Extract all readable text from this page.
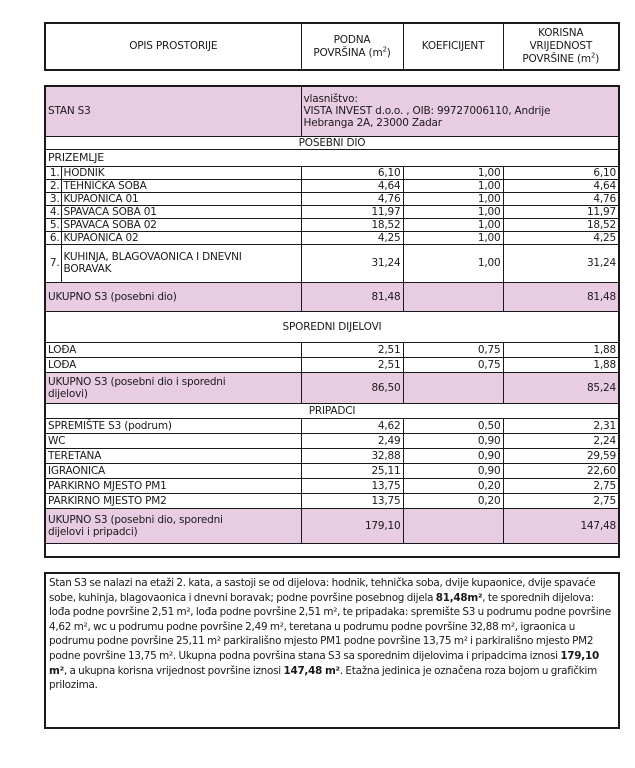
OPIS PROSTORIJE	PODNA
POVRŠINA $(m^2)$	KOEFICIJENT	KORISNA
VRIJEDNOST
POVRŠINE $(m^2)$
STAN S3		vlasništvo:
VISTA INVEST d.o.o. , OIB: 99727006110, Andrije
Hebranga 2A, 23000 Zadar		
POSEBNI DIO				
PRIZEMLJE				
1.	HODNIK	6,10	1,00	6,10
2.	TEHNIČKA SOBA	4,64	1,00	4,64
3.	KUPAONICA 01	4,76	1,00	4,76
4.	SPAVAĆA SOBA 01	11,97	1,00	11,97
5.	SPAVAĆA SOBA 02	18,52	1,00	18,52
6.	KUPAONICA 02	4,25	1,00	4,25
7.	KUHINJA, BLAGOVAONICA I DNEVNI
BORAVAK	31,24	1,00	31,24
UKUPNO S3 (posebni dio)		81,48		81,48
SPOREDNI DIJELOVI				
LOĐA		2,51	0,75	1,88
LOĐA		2,51	0,75	1,88
UKUPNO S3 (posebni dio i sporedni
dijelovi)		86,50		85,24
PRIPADCI				
SPREMIŠTE S3 (podrum)		4,62	0,50	2,31
WC		2,49	0,90	2,24
TERETANA		32,88	0,90	29,59
IGRAONICA		25,11	0,90	22,60
PARKIRNO MJESTO PM1		13,75	0,20	2,75
PARKIRNO MJESTO PM2		13,75	0,20	2,75
UKUPNO S3 (posebni dio, sporedni
dijelovi i pripadci)		179,10		147,48

Stan S3 se nalazi na etaži 2. kata, a sastoji se od dijelova: hodnik, tehnička soba, dvije kupaonice, dvije spavaće sobe, kuhinja, blagovaonica i dnevni boravak; podne površine posebnog dijela 81,48m², te sporednih dijelova: lođa podne površine 2,51 m², lođa podne površine 2,51 m², te pripadaka: spremište S3 u podrumu podne površine 4,62 m², wc u podrumu podne površine 2,49 m², teretana u podrumu podne površine 32,88 m², igraonica u podrumu podne površine 25,11 m² parkirališno mjesto PM1 podne površine 13,75 m² i parkirališno mjesto PM2 podne površine 13,75 m². Ukupna podna površina stana S3 sa sporednim dijelovima i pripadcima iznosi 179,10 m², a ukupna korisna vrijednost površine iznosi 147,48 m². Etažna jedinica je označena roza bojom u grafičkim prilozima.
